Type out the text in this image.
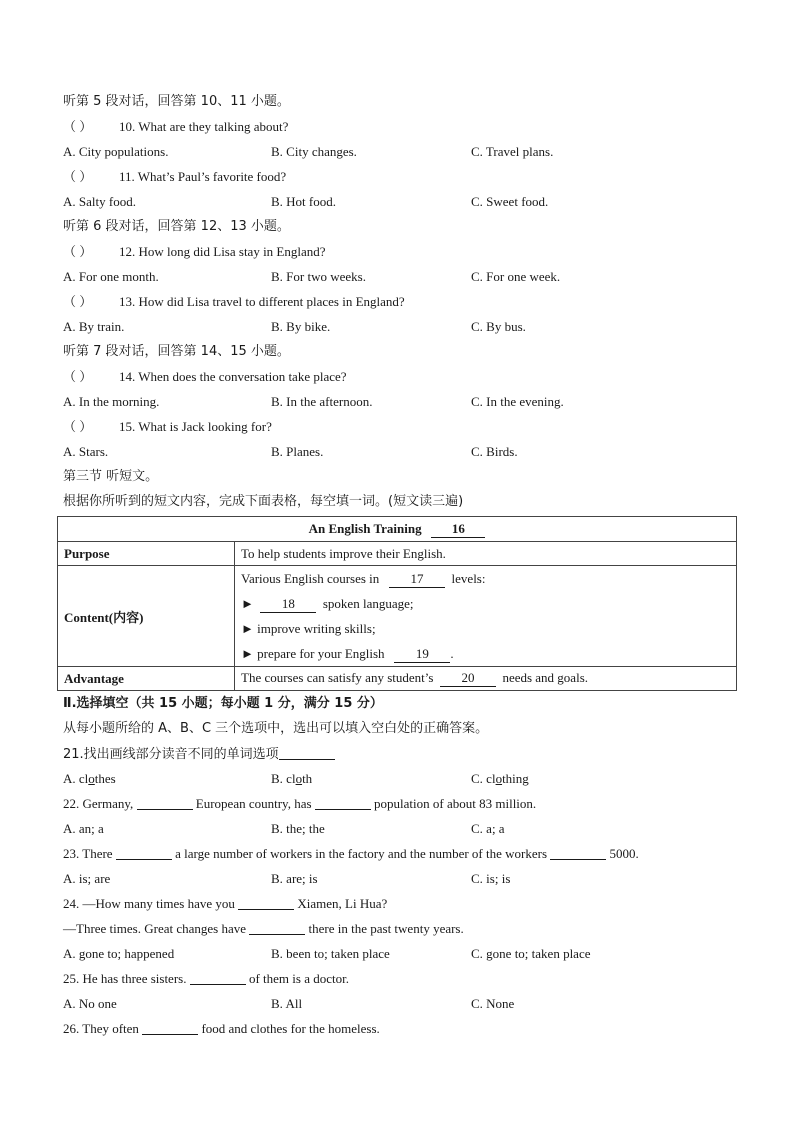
听第 5 段对话，回答第 10、11 小题。
（ ） 10. What are they talking about?
A. City populations.	B. City changes.	C. Travel plans.
（ ） 11. What’s Paul’s favorite food?
A. Salty food.	B. Hot food.	C. Sweet food.
听第 6 段对话，回答第 12、13 小题。
（ ） 12. How long did Lisa stay in England?
A. For one month.	B. For two weeks.	C. For one week.
（ ） 13. How did Lisa travel to different places in England?
A. By train.	B. By bike.	C. By bus.
听第 7 段对话，回答第 14、15 小题。
（ ） 14. When does the conversation take place?
A. In the morning.	B. In the afternoon.	C. In the evening.
（ ） 15. What is Jack looking for?
A. Stars.	B. Planes.	C. Birds.
第三节 听短文。
根据你所听到的短文内容，完成下面表格，每空填一词。(短文读三遍)
An English Training 16	
Purpose	To help students improve their English.
Content(内容)	Various English courses in 17 levels:
► 18 spoken language;
► improve writing skills;
► prepare for your English 19 .

Advantage	The courses can satisfy any student’s 20 needs and goals.
Ⅱ.选择填空（共 15 小题；每小题 1 分，满分 15 分）
从每小题所给的 A、B、C 三个选项中，选出可以填入空白处的正确答案。
21.找出画线部分读音不同的单词选项
A. clothes	B. cloth	C. clothing
22. Germany,	European country, has	population of about 83 million.
A. an; a	B. the; the	C. a; a
23. There	a large number of workers in the factory and the number of the workers	5000.
A. is; are	B. are; is	C. is; is
24. —How many times have you	Xiamen, Li Hua?
—Three times. Great changes have	there in the past twenty years.
A. gone to; happened	B. been to; taken place	C. gone to; taken place
25. He has three sisters.	of them is a doctor.
A. No one	B. All	C. None
26. They often	food and clothes for the homeless.
